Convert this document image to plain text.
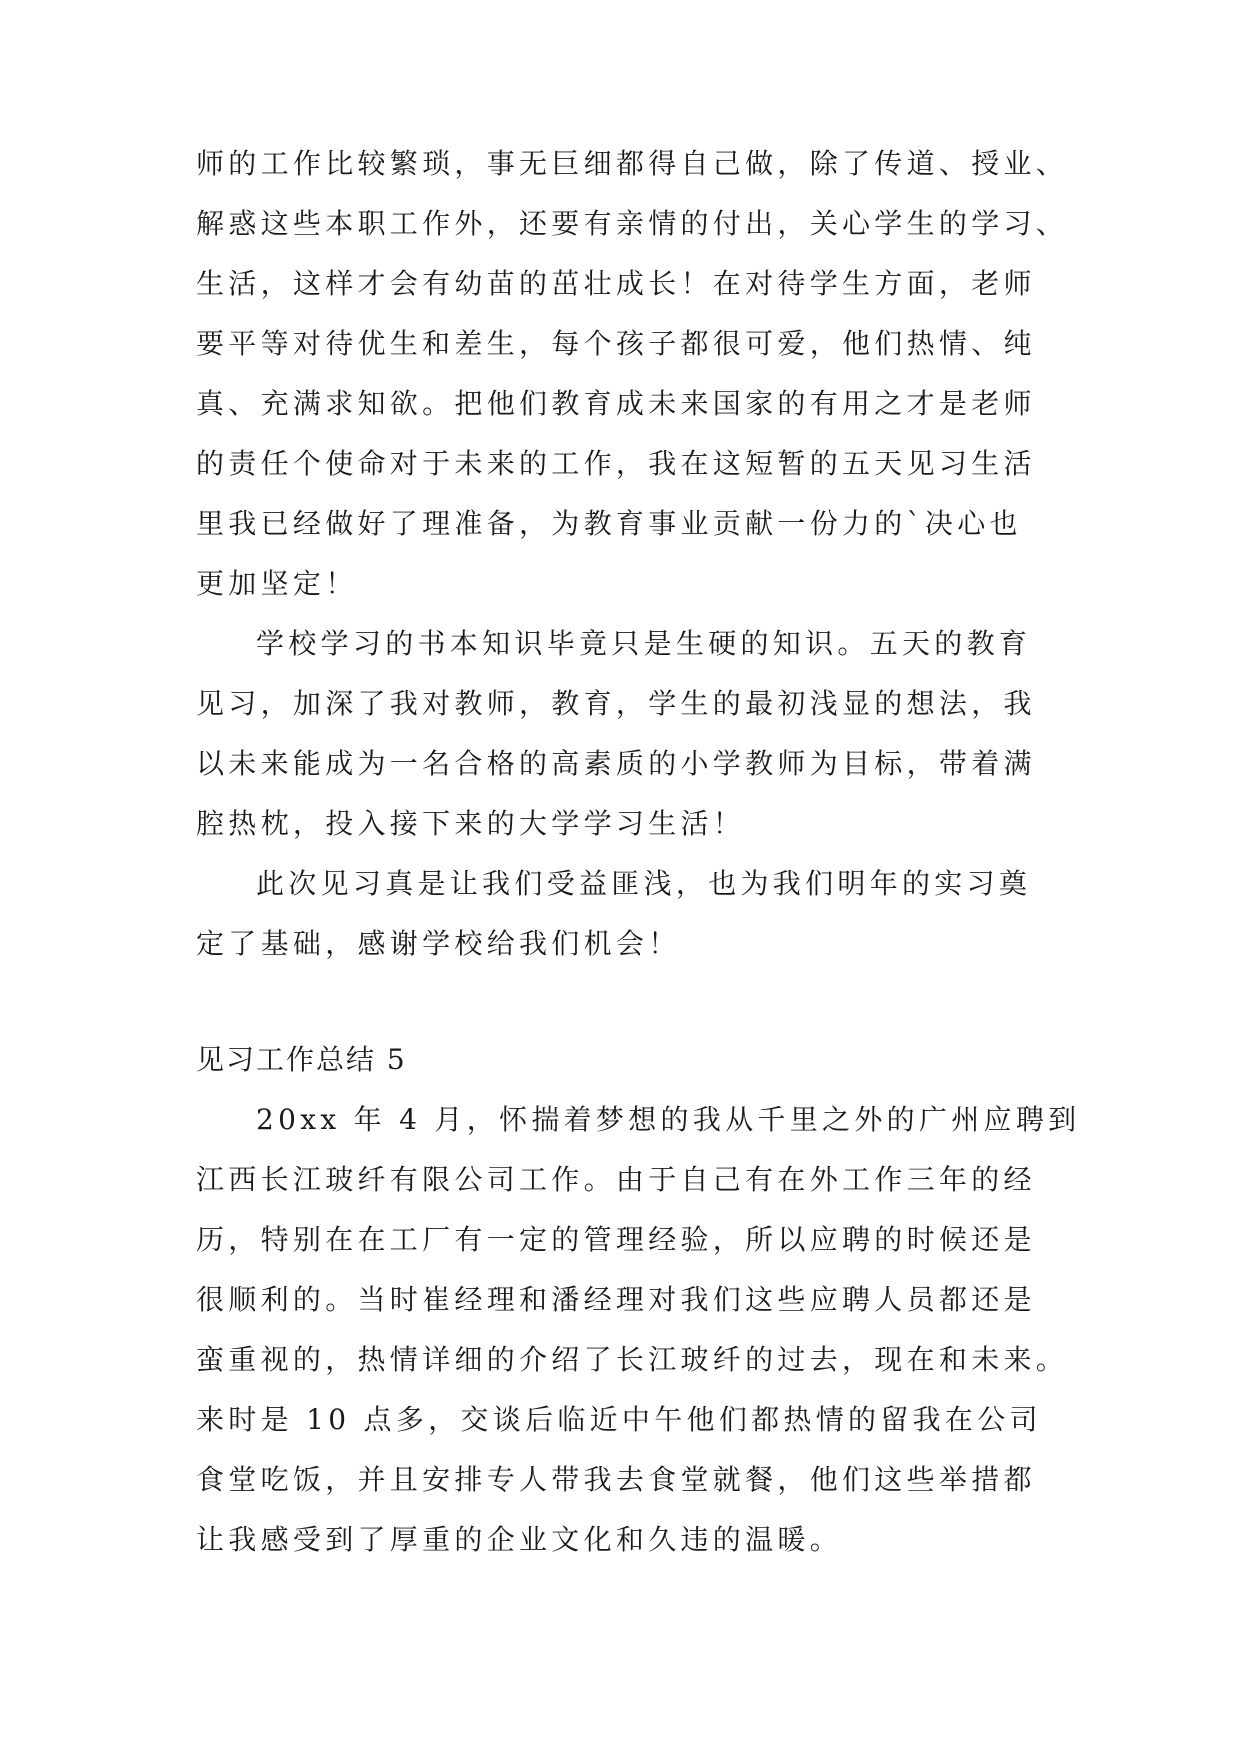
师的工作比较繁琐，事无巨细都得自己做，除了传道、授业、
解惑这些本职工作外，还要有亲情的付出，关心学生的学习、
生活，这样才会有幼苗的茁壮成长！在对待学生方面，老师
要平等对待优生和差生，每个孩子都很可爱，他们热情、纯
真、充满求知欲。把他们教育成未来国家的有用之才是老师
的责任个使命对于未来的工作，我在这短暂的五天见习生活
里我已经做好了理准备，为教育事业贡献一份力的`决心也
更加坚定！
学校学习的书本知识毕竟只是生硬的知识。五天的教育
见习，加深了我对教师，教育，学生的最初浅显的想法，我
以未来能成为一名合格的高素质的小学教师为目标，带着满
腔热枕，投入接下来的大学学习生活！
此次见习真是让我们受益匪浅，也为我们明年的实习奠
定了基础，感谢学校给我们机会！
见习工作总结 5
20xx 年 4 月，怀揣着梦想的我从千里之外的广州应聘到
江西长江玻纤有限公司工作。由于自己有在外工作三年的经
历，特别在在工厂有一定的管理经验，所以应聘的时候还是
很顺利的。当时崔经理和潘经理对我们这些应聘人员都还是
蛮重视的，热情详细的介绍了长江玻纤的过去，现在和未来。
来时是 10 点多，交谈后临近中午他们都热情的留我在公司
食堂吃饭，并且安排专人带我去食堂就餐，他们这些举措都
让我感受到了厚重的企业文化和久违的温暖。
